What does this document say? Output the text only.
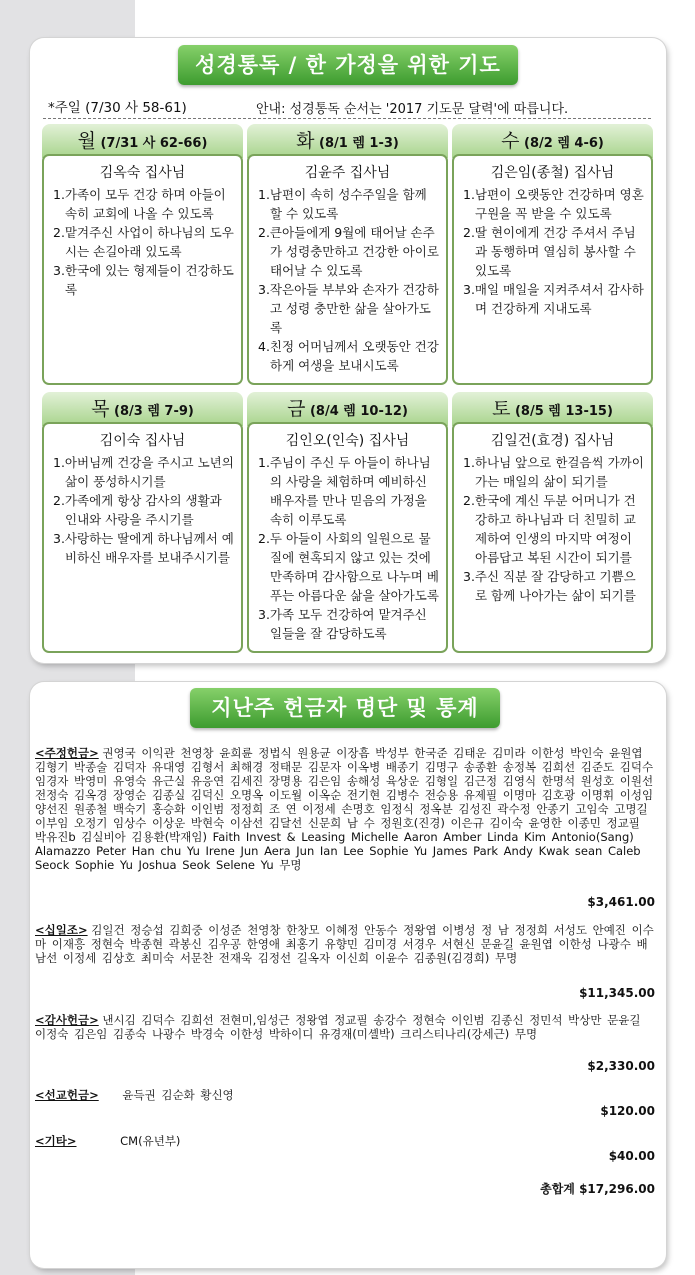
성경통독 / 한 가정을 위한 기도
*주일 (7/30 사 58-61)	안내: 성경통독 순서는 '2017 기도문 달력'에 따릅니다.
월 (7/31 사 62-66)
김옥숙 집사님
1.가족이 모두 건강 하며 아들이 속히 교회에 나올 수 있도록
2.맡겨주신 사업이 하나님의 도우시는 손길아래 있도록
3.한국에 있는 형제들이 건강하도록
화 (8/1 렘 1-3)
김윤주 집사님
1.남편이 속히 성수주일을 함께 할 수 있도록
2.큰아들에게 9월에 태어날 손주가 성령충만하고 건강한 아이로 태어날 수 있도록
3.작은아들 부부와 손자가 건강하고 성령 충만한 삶을 살아가도록
4.친정 어머님께서 오랫동안 건강하게 여생을 보내시도록
수 (8/2 렘 4-6)
김은임(종철) 집사님
1.남편이 오랫동안 건강하며 영혼구원을 꼭 받을 수 있도록
2.딸 현이에게 건강 주셔서 주님과 동행하며 열심히 봉사할 수 있도록
3.매일 매일을 지켜주셔서 감사하며 건강하게 지내도록
목 (8/3 렘 7-9)
김이숙 집사님
1.아버님께 건강을 주시고 노년의 삶이 풍성하시기를
2.가족에게 항상 감사의 생활과 인내와 사랑을 주시기를
3.사랑하는 딸에게 하나님께서 예비하신 배우자를 보내주시기를
금 (8/4 렘 10-12)
김인오(인숙) 집사님
1.주님이 주신 두 아들이 하나님의 사랑을 체험하며 예비하신 배우자를 만나 믿음의 가정을 속히 이루도록
2.두 아들이 사회의 일원으로 물질에 현혹되지 않고 있는 것에 만족하며 감사함으로 나누며 베푸는 아름다운 삶을 살아가도록
3.가족 모두 건강하여 맡겨주신 일들을 잘 감당하도록
토 (8/5 렘 13-15)
김일건(효경) 집사님
1.하나님 앞으로 한걸음씩 가까이 가는 매일의 삶이 되기를
2.한국에 계신 두분 어머니가 건강하고 하나님과 더 친밀히 교제하여 인생의 마지막 여정이 아름답고 복된 시간이 되기를
3.주신 직분 잘 감당하고 기쁨으로 함께 나아가는 삶이 되기를
지난주 헌금자 명단 및 통계
<주정헌금> 권영국 이익관 천영창 윤희륜 정법식 원용균 이장흠 박성부 한국준 김태운 김미라 이한성 박인숙 윤원엽 김형기 박종술 김덕자 유대영 김형서 최해경 정태문 김문자 이옥병 배종기 김명구 송종환 송정복 김희선 김준도 김덕수 임경자 박영미 유영숙 유근실 유응연 김세진 장명용 김은임 송해성 육상운 김형일 김근정 김영식 한명석 원성호 이원선 전정숙 김옥경 장영순 김종실 김덕신 오명옥 이도월 이옥순 전기현 김병수 전승용 유제필 이명마 김호광 이명휘 이성임 양선진 원종철 백숙기 홍승화 이인범 정정희 조 연 이정세 손명호 임정식 정옥분 김성진 곽수정 안종기 고임숙 고명길 이부임 오정기 임상수 이상운 박현숙 이삼선 김달선 신문희 남 수 정원호(진경) 이은규 김이숙 윤영한 이종민 정교필 박유진b 김실비아 김용환(박재임) Faith Invest & Leasing Michelle Aaron Amber Linda Kim Antonio(Sang) Alamazzo Peter Han chu Yu Irene Jun Aera Jun Ian Lee Sophie Yu James Park Andy Kwak sean Caleb Seock Sophie Yu Joshua Seok Selene Yu 무명
$3,461.00
<십일조> 김일건 정승섭 김희중 이성준 천영창 한창모 이혜정 안동수 정왕엽 이병성 정 남 정정희 서성도 안예진 이수마 이재흥 정현숙 박종현 곽봉신 김우공 한영애 최홍기 유향민 김미경 서경우 서현신 문윤길 윤원엽 이한성 나광수 배남선 이정세 김상호 최미숙 서문찬 전재욱 김정선 길옥자 이신희 이윤수 김종원(김경희) 무명
$11,345.00
<감사헌금> 낸시김 김덕수 김희선 전현미,임성근 정왕엽 정교필 송강수 정현숙 이인범 김종신 정민석 박상만 문윤길 이정숙 김은임 김종숙 나광수 박경숙 이한성 박하이디 유경재(미셸박) 크리스티나리(강세근) 무명
$2,330.00
<선교헌금> 윤득권 김순화 황신영
$120.00
<기타>	CM(유년부)
$40.00
총합계 $17,296.00
